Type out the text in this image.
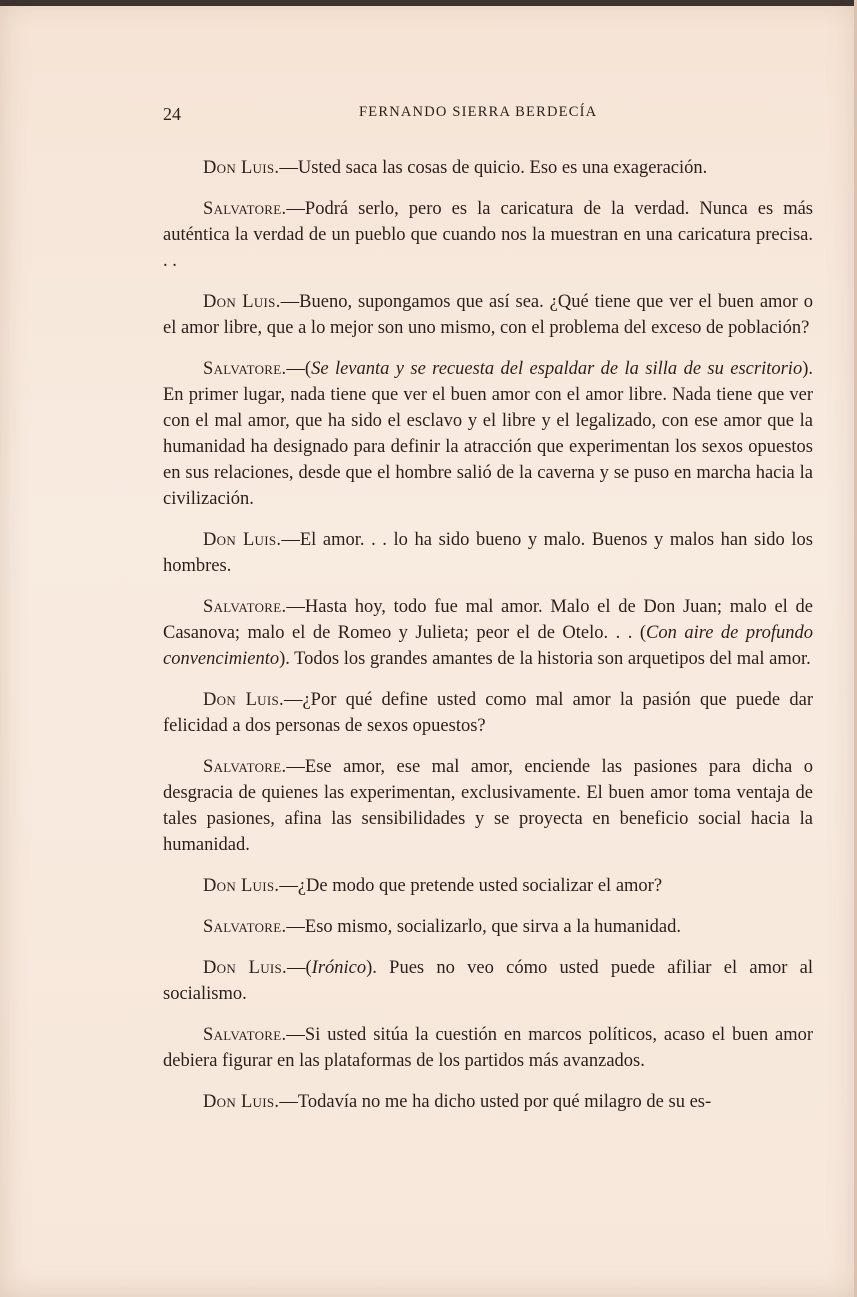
24	FERNANDO SIERRA BERDECÍA

Don Luis.—Usted saca las cosas de quicio. Eso es una exageración.

Salvatore.—Podrá serlo, pero es la caricatura de la verdad. Nunca es más auténtica la verdad de un pueblo que cuando nos la muestran en una caricatura precisa. . .

Don Luis.—Bueno, supongamos que así sea. ¿Qué tiene que ver el buen amor o el amor libre, que a lo mejor son uno mismo, con el problema del exceso de población?

Salvatore.—(Se levanta y se recuesta del espaldar de la silla de su escritorio). En primer lugar, nada tiene que ver el buen amor con el amor libre. Nada tiene que ver con el mal amor, que ha sido el esclavo y el libre y el legalizado, con ese amor que la humanidad ha designado para definir la atracción que experimentan los sexos opuestos en sus relaciones, desde que el hombre salió de la caverna y se puso en marcha hacia la civilización.

Don Luis.—El amor. . . lo ha sido bueno y malo. Buenos y malos han sido los hombres.

Salvatore.—Hasta hoy, todo fue mal amor. Malo el de Don Juan; malo el de Casanova; malo el de Romeo y Julieta; peor el de Otelo. . . (Con aire de profundo convencimiento). Todos los grandes amantes de la historia son arquetipos del mal amor.

Don Luis.—¿Por qué define usted como mal amor la pasión que puede dar felicidad a dos personas de sexos opuestos?

Salvatore.—Ese amor, ese mal amor, enciende las pasiones para dicha o desgracia de quienes las experimentan, exclusivamente. El buen amor toma ventaja de tales pasiones, afina las sensibilidades y se proyecta en beneficio social hacia la humanidad.

Don Luis.—¿De modo que pretende usted socializar el amor?

Salvatore.—Eso mismo, socializarlo, que sirva a la humanidad.

Don Luis.—(Irónico). Pues no veo cómo usted puede afiliar el amor al socialismo.

Salvatore.—Si usted sitúa la cuestión en marcos políticos, acaso el buen amor debiera figurar en las plataformas de los partidos más avanzados.

Don Luis.—Todavía no me ha dicho usted por qué milagro de su es-
